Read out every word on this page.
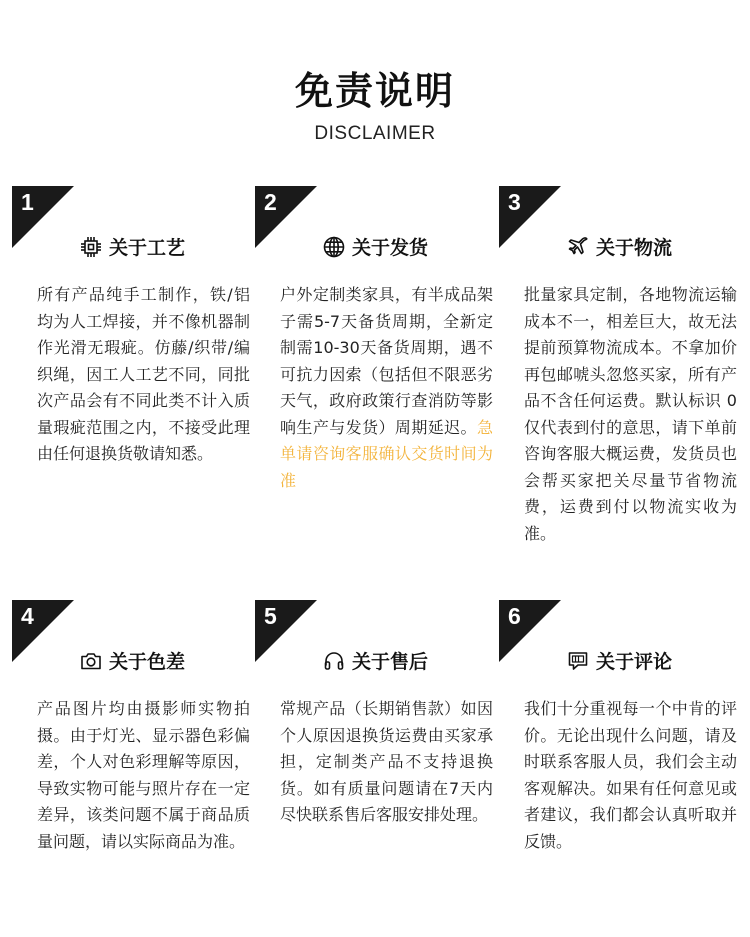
免责说明
DISCLAIMER
1
关于工艺
所有产品纯手工制作，铁/铝均为人工焊接，并不像机器制作光滑无瑕疵。仿藤/织带/编织绳，因工人工艺不同，同批次产品会有不同此类不计入质量瑕疵范围之内，不接受此理由任何退换货敬请知悉。
2
关于发货
户外定制类家具，有半成品架子需5-7天备货周期，全新定制需10-30天备货周期，遇不可抗力因索（包括但不限恶劣天气，政府政策行查消防等影响生产与发货）周期延迟。急单请咨询客服确认交货时间为准
3
关于物流
批量家具定制，各地物流运输成本不一，相差巨大，故无法提前预算物流成本。不拿加价再包邮唬头忽悠买家，所有产品不含任何运费。默认标识 0 仅代表到付的意思，请下单前咨询客服大概运费，发货员也会帮买家把关尽量节省物流费，运费到付以物流实收为准。
4
关于色差
产品图片均由摄影师实物拍摄。由于灯光、显示器色彩偏差，个人对色彩理解等原因，导致实物可能与照片存在一定差异，该类问题不属于商品质量问题，请以实际商品为准。
5
关于售后
常规产品（长期销售款）如因个人原因退换货运费由买家承担，定制类产品不支持退换货。如有质量问题请在7天内尽快联系售后客服安排处理。
6
关于评论
我们十分重视每一个中肯的评价。无论出现什么问题，请及时联系客服人员，我们会主动客观解决。如果有任何意见或者建议，我们都会认真听取并反馈。
